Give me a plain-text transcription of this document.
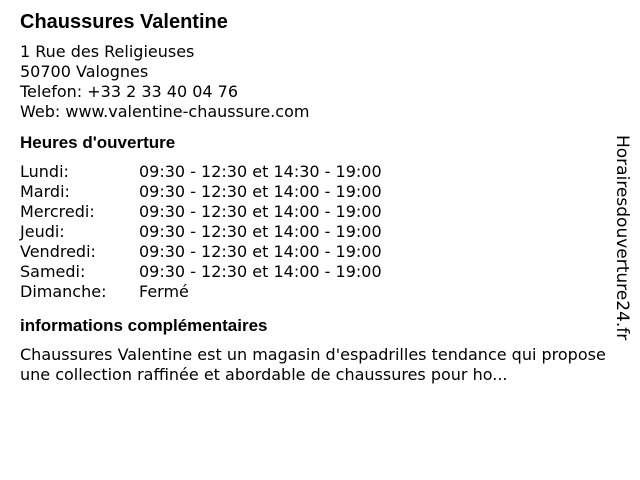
Chaussures Valentine
1 Rue des Religieuses
50700 Valognes
Telefon: +33 2 33 40 04 76
Web: www.valentine-chaussure.com
Heures d'ouverture
Lundi:	09:30 - 12:30 et 14:30 - 19:00
Mardi:	09:30 - 12:30 et 14:00 - 19:00
Mercredi:	09:30 - 12:30 et 14:00 - 19:00
Jeudi:	09:30 - 12:30 et 14:00 - 19:00
Vendredi:	09:30 - 12:30 et 14:00 - 19:00
Samedi:	09:30 - 12:30 et 14:00 - 19:00
Dimanche:	Fermé
informations complémentaires

Chaussures Valentine est un magasin d'espadrilles tendance qui propose une collection raffinée et abordable de chaussures pour ho...

Horairesdouverture24.fr
